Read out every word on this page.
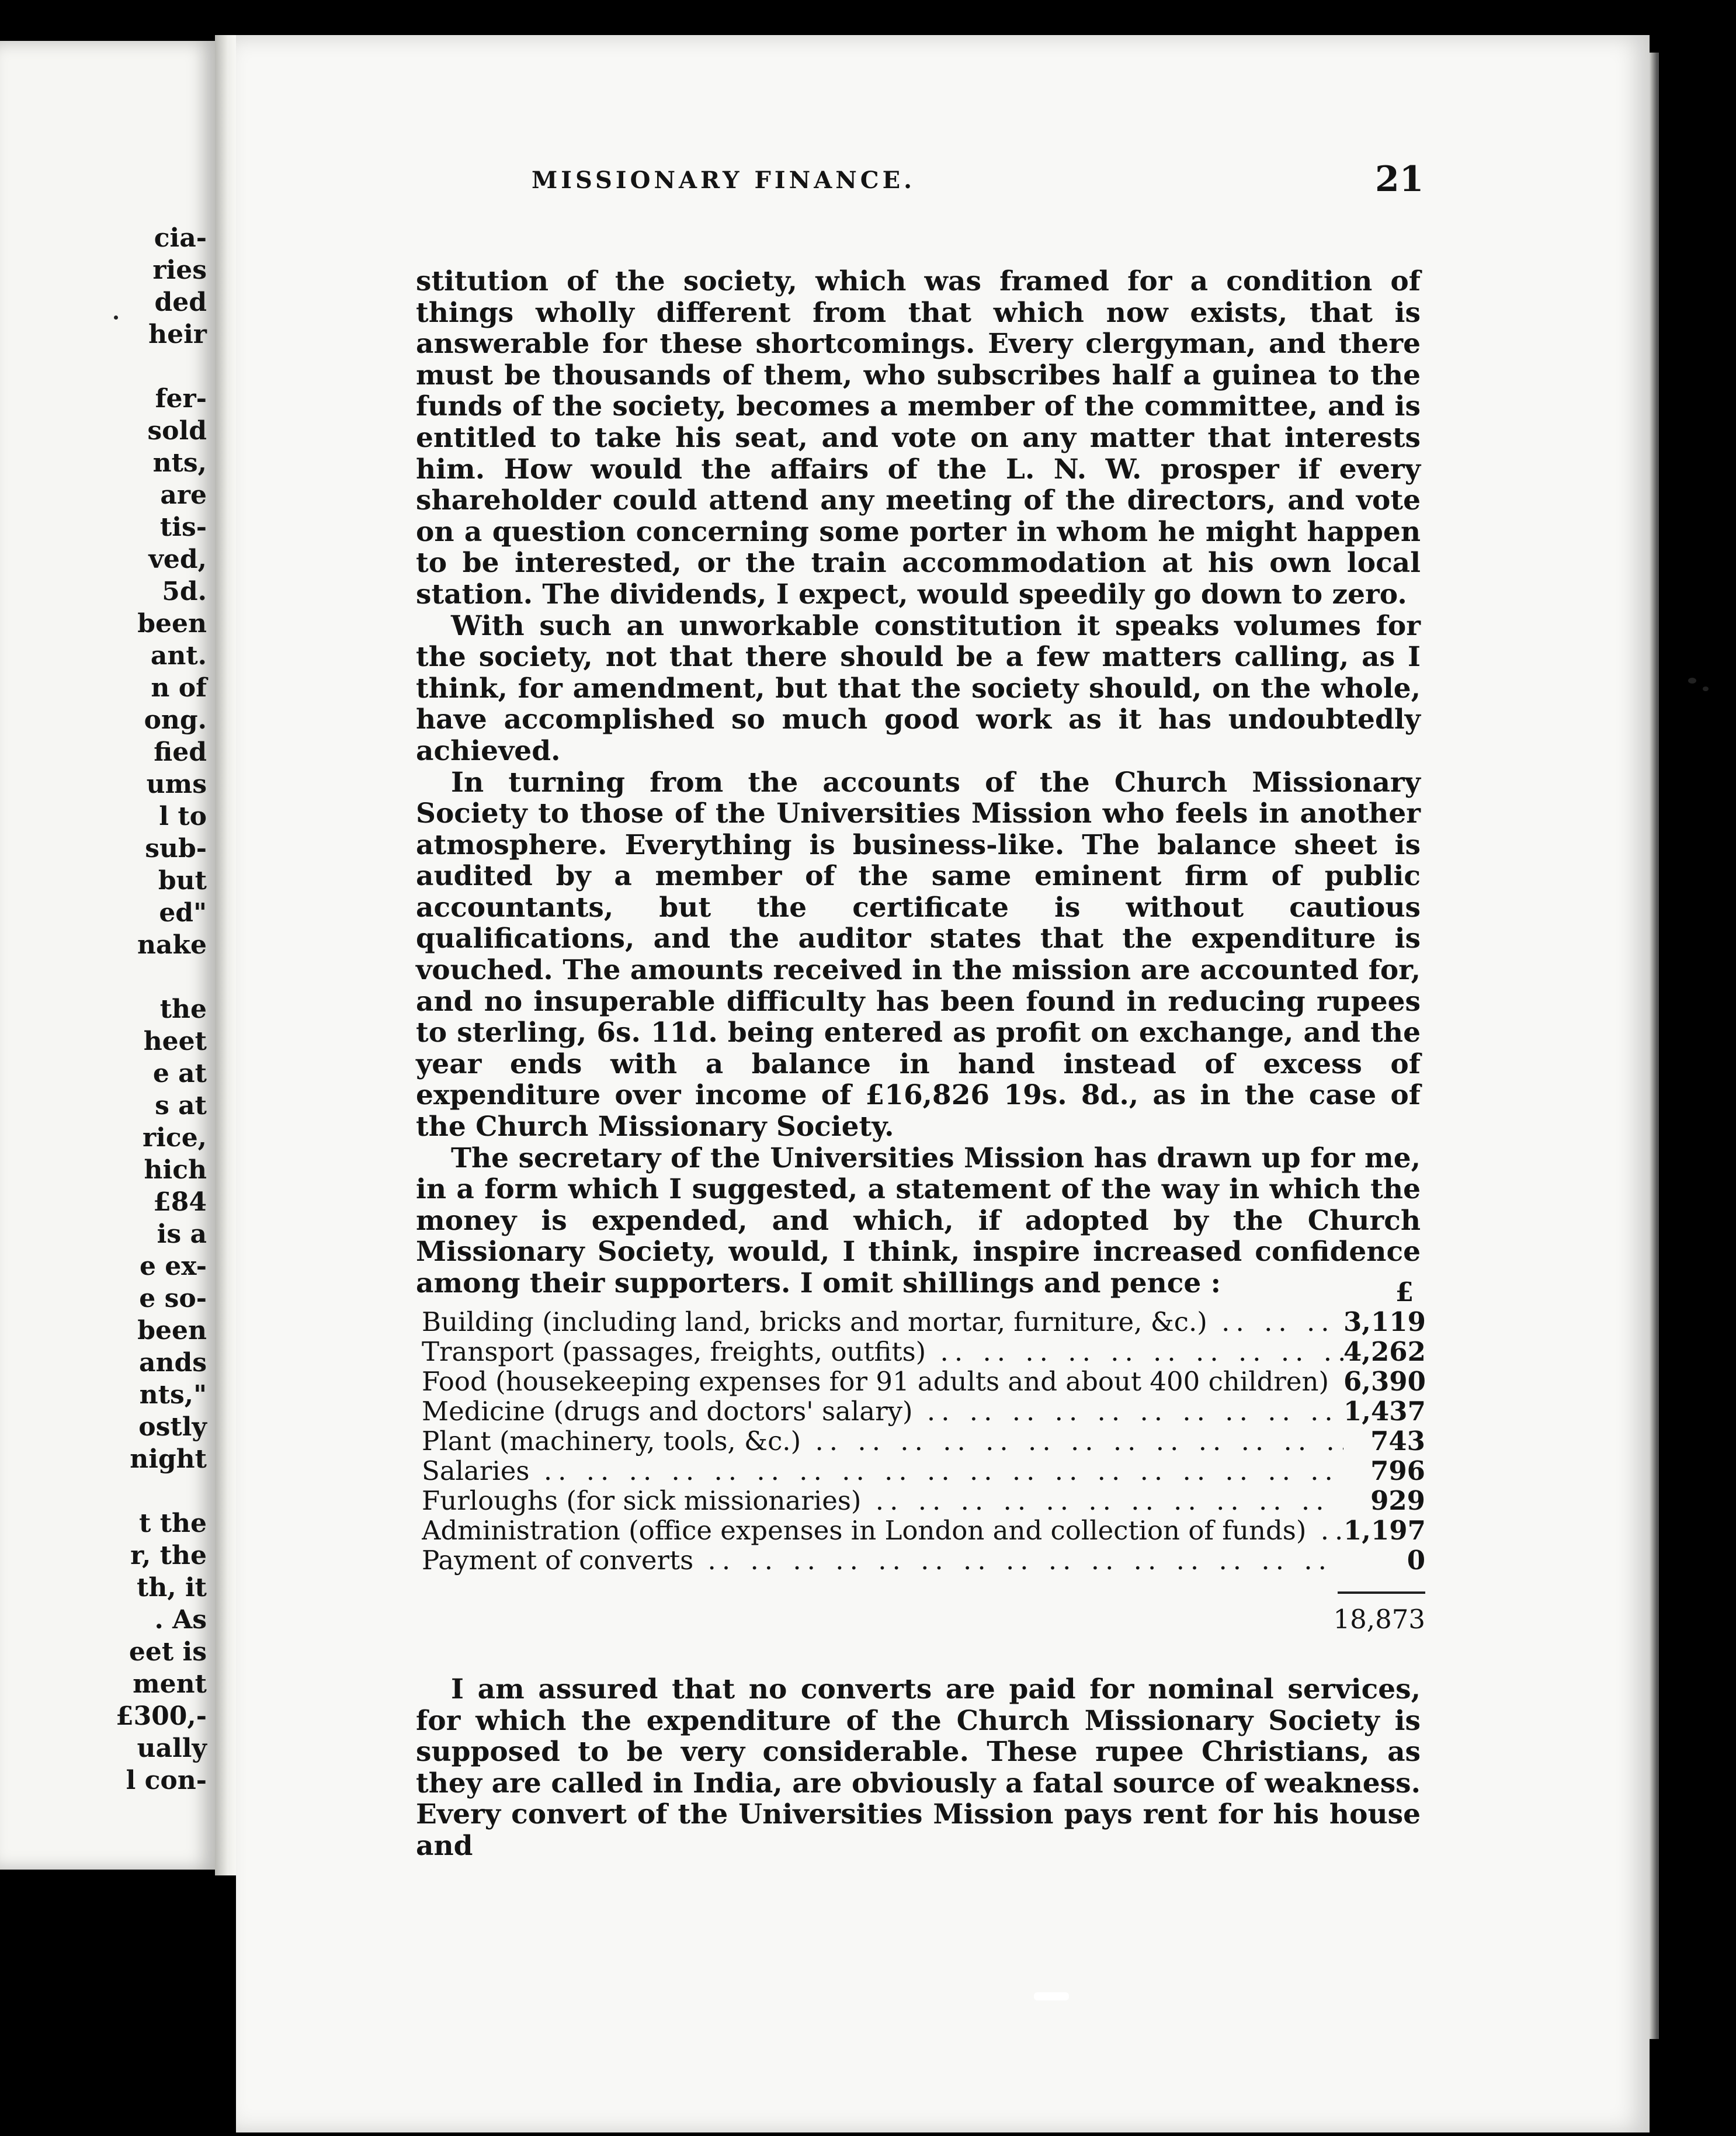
cia-
ries
ded
heir
fer-
sold
nts,
are
tis-
ved,
5d.
been
ant.
n of
ong.
fied
ums
l to
sub-
but
ed"
nake
the
heet
e at
s at
rice,
hich
£84
is a
e ex-
e so-
been
ands
nts,"
ostly
night
t the
r, the
th, it
. As
eet is
ment
£300,-
ually
l con-
MISSIONARY FINANCE.	21

stitution of the society, which was framed for a condition of things wholly different from that which now exists, that is answerable for these shortcomings. Every clergyman, and there must be thousands of them, who subscribes half a guinea to the funds of the society, becomes a member of the committee, and is entitled to take his seat, and vote on any matter that interests him. How would the affairs of the L. N. W. prosper if every shareholder could attend any meeting of the directors, and vote on a question concerning some porter in whom he might happen to be interested, or the train accommodation at his own local station. The dividends, I expect, would speedily go down to zero.

With such an unworkable constitution it speaks volumes for the society, not that there should be a few matters calling, as I think, for amendment, but that the society should, on the whole, have accomplished so much good work as it has undoubtedly achieved.

In turning from the accounts of the Church Missionary Society to those of the Universities Mission who feels in another atmosphere. Everything is business-like. The balance sheet is audited by a member of the same eminent firm of public accountants, but the certificate is without cautious qualifications, and the auditor states that the expenditure is vouched. The amounts received in the mission are accounted for, and no insuperable difficulty has been found in reducing rupees to sterling, 6s. 11d. being entered as profit on exchange, and the year ends with a balance in hand instead of excess of expenditure over income of £16,826 19s. 8d., as in the case of the Church Missionary Society.

The secretary of the Universities Mission has drawn up for me, in a form which I suggested, a statement of the way in which the money is expended, and which, if adopted by the Church Missionary Society, would, I think, inspire increased confidence among their supporters. I omit shillings and pence :	£
Building (including land, bricks and mortar, furniture, &c.) .. ..	3,119
Transport (passages, freights, outfits) .. ..	4,262
Food (housekeeping expenses for 91 adults and about 400 children) .. .. 6,390
Medicine (drugs and doctors' salary) .. ..	1,437
Plant (machinery, tools, &c.) .. ..	743
Salaries .. ..	796
Furloughs (for sick missionaries) .. ..	929
Administration (office expenses in London and collection of funds) .. ..	1,197
Payment of converts .. ..	0
18,873

I am assured that no converts are paid for nominal services, for which the expenditure of the Church Missionary Society is supposed to be very considerable. These rupee Christians, as they are called in India, are obviously a fatal source of weakness. Every convert of the Universities Mission pays rent for his house and
